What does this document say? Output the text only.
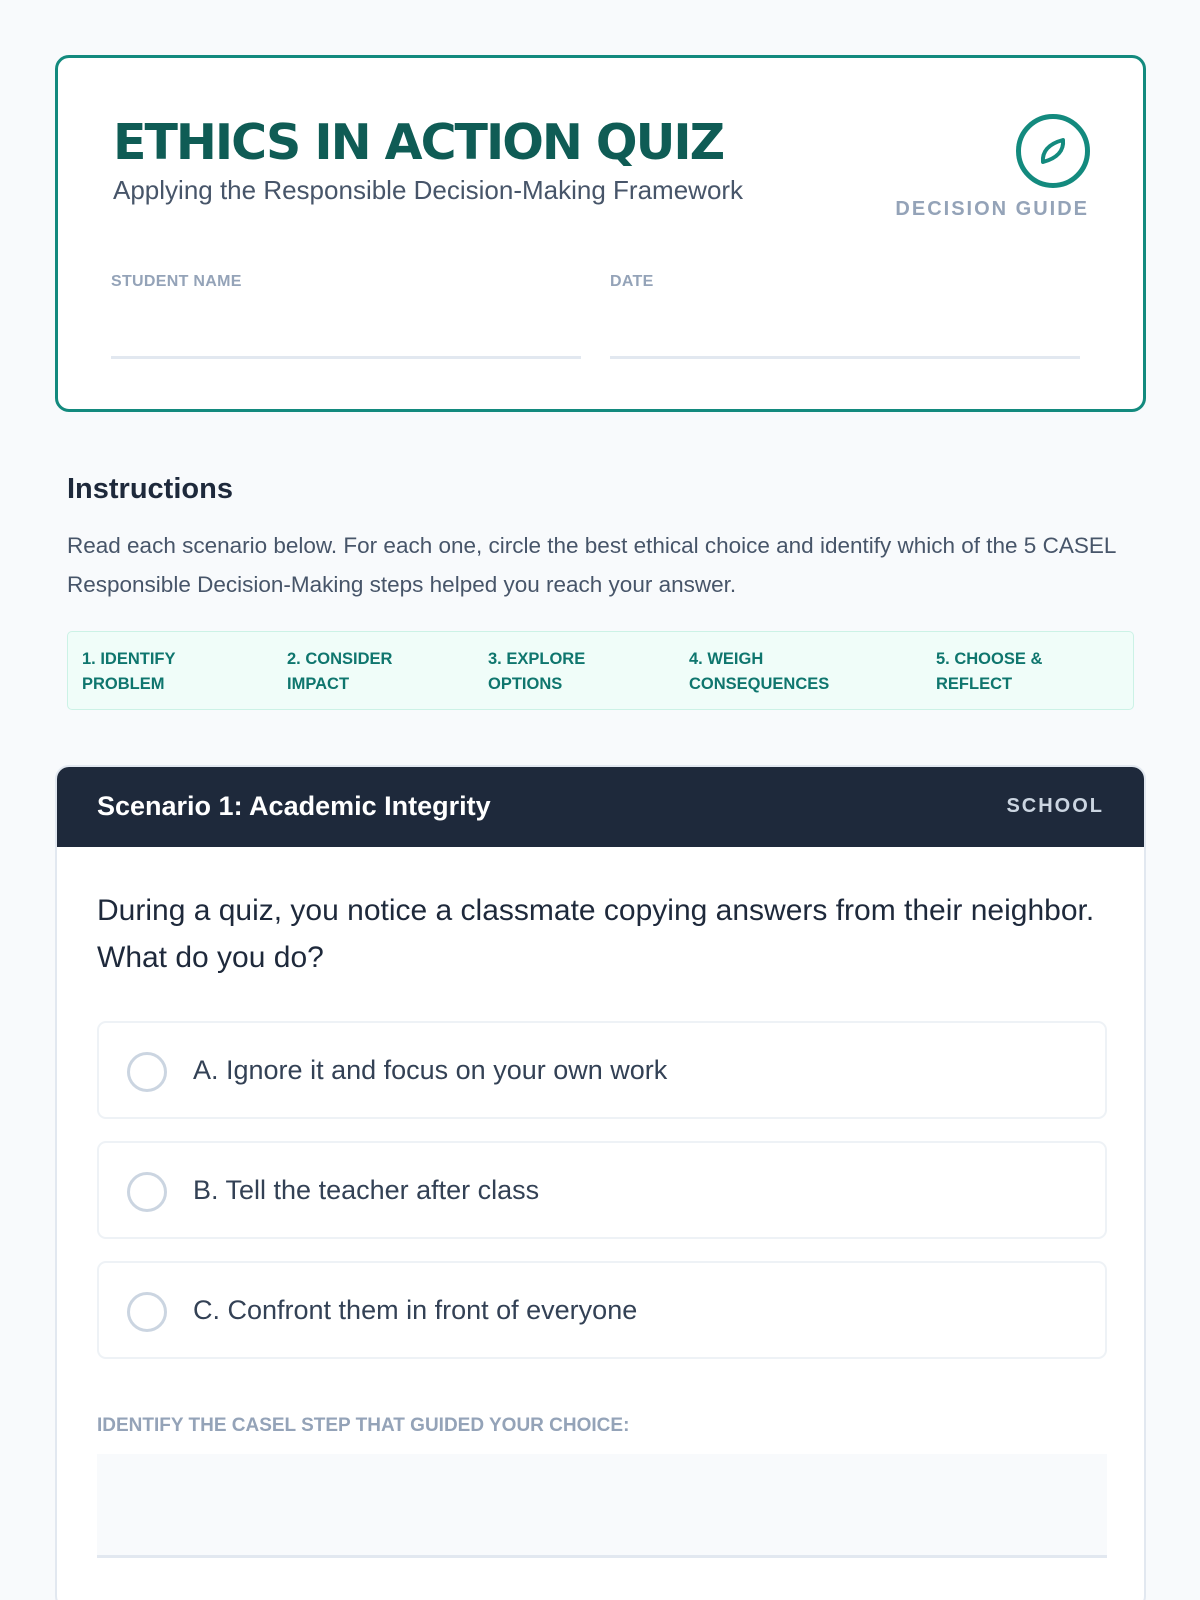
ETHICS IN ACTION QUIZ
Applying the Responsible Decision-Making Framework
DECISION GUIDE
STUDENT NAME	DATE
Instructions
Read each scenario below. For each one, circle the best ethical choice and identify which of the 5 CASEL Responsible Decision-Making steps helped you reach your answer.
1. IDENTIFY
PROBLEM
2. CONSIDER
IMPACT
3. EXPLORE
OPTIONS
4. WEIGH
CONSEQUENCES
5. CHOOSE &
REFLECT
Scenario 1: Academic Integrity	SCHOOL
During a quiz, you notice a classmate copying answers from their neighbor. What do you do?
A. Ignore it and focus on your own work
B. Tell the teacher after class
C. Confront them in front of everyone
IDENTIFY THE CASEL STEP THAT GUIDED YOUR CHOICE:
